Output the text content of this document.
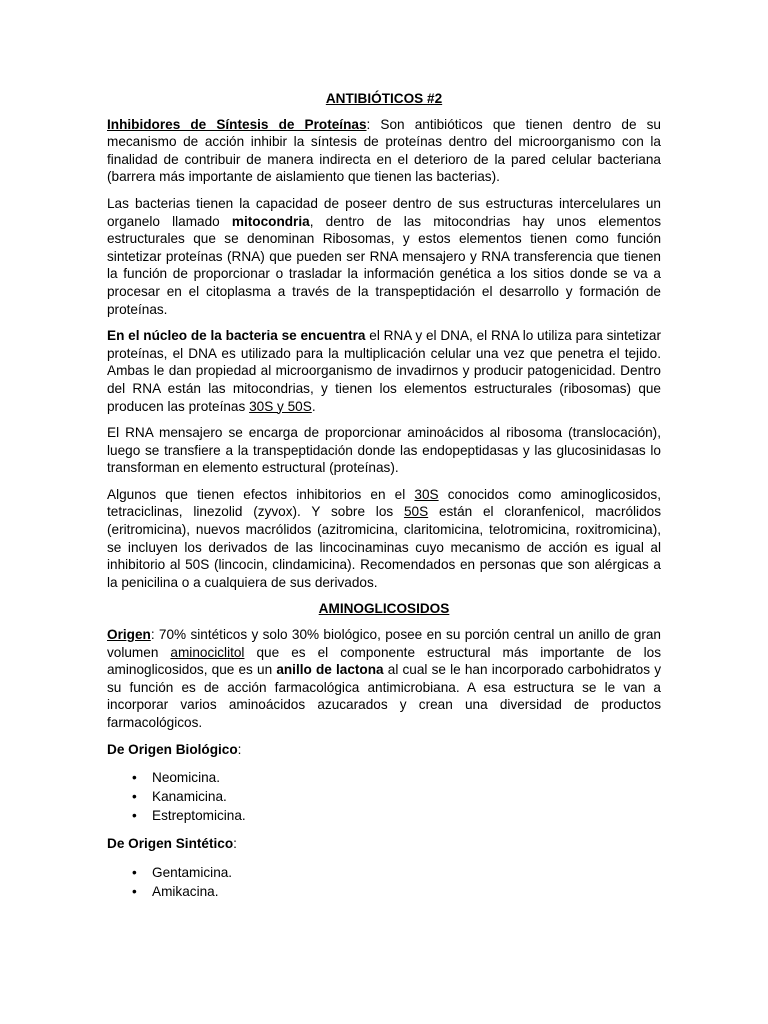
ANTIBIÓTICOS #2

Inhibidores de Síntesis de Proteínas: Son antibióticos que tienen dentro de su mecanismo de acción inhibir la síntesis de proteínas dentro del microorganismo con la finalidad de contribuir de manera indirecta en el deterioro de la pared celular bacteriana (barrera más importante de aislamiento que tienen las bacterias).

Las bacterias tienen la capacidad de poseer dentro de sus estructuras intercelulares un organelo llamado mitocondria, dentro de las mitocondrias hay unos elementos estructurales que se denominan Ribosomas, y estos elementos tienen como función sintetizar proteínas (RNA) que pueden ser RNA mensajero y RNA transferencia que tienen la función de proporcionar o trasladar la información genética a los sitios donde se va a procesar en el citoplasma a través de la transpeptidación el desarrollo y formación de proteínas.

En el núcleo de la bacteria se encuentra el RNA y el DNA, el RNA lo utiliza para sintetizar proteínas, el DNA es utilizado para la multiplicación celular una vez que penetra el tejido. Ambas le dan propiedad al microorganismo de invadirnos y producir patogenicidad. Dentro del RNA están las mitocondrias, y tienen los elementos estructurales (ribosomas) que producen las proteínas 30S y 50S.

El RNA mensajero se encarga de proporcionar aminoácidos al ribosoma (translocación), luego se transfiere a la transpeptidación donde las endopeptidasas y las glucosinidasas lo transforman en elemento estructural (proteínas).

Algunos que tienen efectos inhibitorios en el 30S conocidos como aminoglicosidos, tetraciclinas, linezolid (zyvox). Y sobre los 50S están el cloranfenicol, macrólidos (eritromicina), nuevos macrólidos (azitromicina, claritomicina, telotromicina, roxitromicina), se incluyen los derivados de las lincocinaminas cuyo mecanismo de acción es igual al inhibitorio al 50S (lincocin, clindamicina). Recomendados en personas que son alérgicas a la penicilina o a cualquiera de sus derivados.

AMINOGLICOSIDOS

Origen: 70% sintéticos y solo 30% biológico, posee en su porción central un anillo de gran volumen aminociclitol que es el componente estructural más importante de los aminoglicosidos, que es un anillo de lactona al cual se le han incorporado carbohidratos y su función es de acción farmacológica antimicrobiana. A esa estructura se le van a incorporar varios aminoácidos azucarados y crean una diversidad de productos farmacológicos.

De Origen Biológico:
• Neomicina.
• Kanamicina.
• Estreptomicina.
De Origen Sintético:
• Gentamicina.
• Amikacina.
